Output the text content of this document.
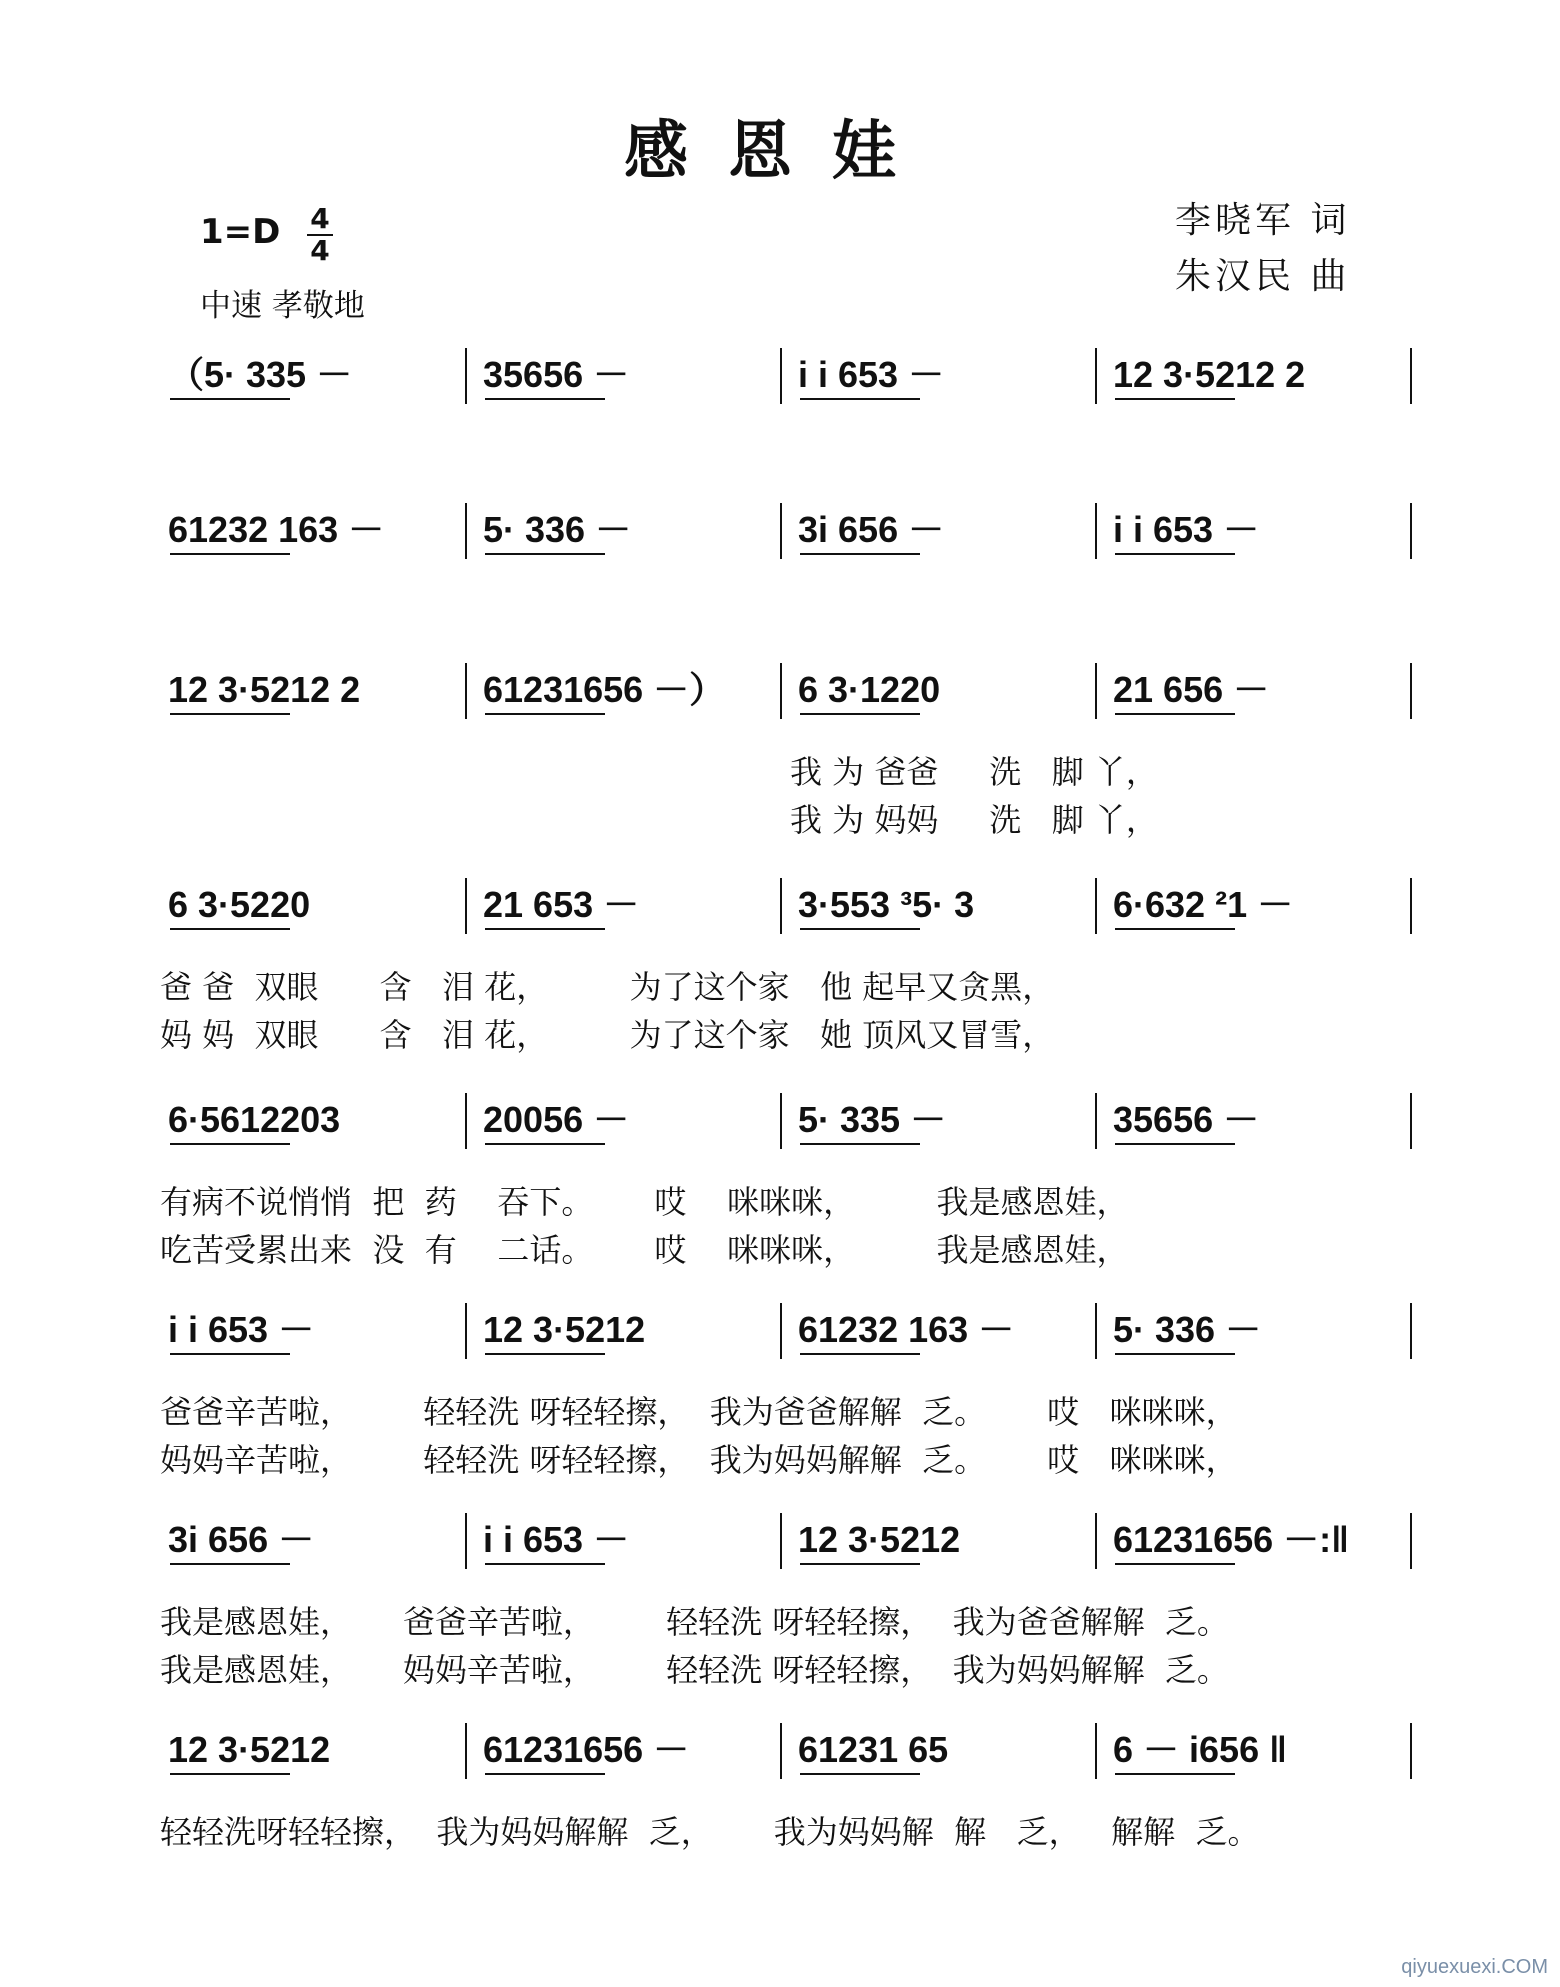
感恩娃
1=D 4
4
中速 孝敬地
李晓军 词
朱汉民 曲
（5· 335 －	35656 －	i i 653 －	12 3·5212 2
61232 163 －	5· 336 －	3i 656 －	i i 653 －
12 3·5212 2	61231656 －） 6 3·1220	21 656 －
我 为 爸爸     洗   脚 丫，
我 为 妈妈     洗   脚 丫，
6 3·5220	21 653 －	3·553 ³5· 3	6·632 ²1 －
爸 爸  双眼      含   泪 花，        为了这个家   他 起早又贪黑，
妈 妈  双眼      含   泪 花，        为了这个家   她 顶风又冒雪，
6·5612203	20056 －	5· 335 －	35656 －
有病不说悄悄  把  药    吞下。      哎    咪咪咪，        我是感恩娃，
吃苦受累出来  没  有    二话。      哎    咪咪咪，        我是感恩娃，
i i 653 －	12 3·5212	61232 163 －	5· 336 －
爸爸辛苦啦，       轻轻洗 呀轻轻擦，  我为爸爸解解  乏。      哎   咪咪咪，
妈妈辛苦啦，       轻轻洗 呀轻轻擦，  我为妈妈解解  乏。      哎   咪咪咪，
3i 656 －	i i 653 －	12 3·5212	61231656 －:‖
我是感恩娃，     爸爸辛苦啦，       轻轻洗 呀轻轻擦，  我为爸爸解解  乏。
我是感恩娃，     妈妈辛苦啦，       轻轻洗 呀轻轻擦，  我为妈妈解解  乏。
12 3·5212	61231656 －	61231 65	6 － i656 ‖
轻轻洗呀轻轻擦，  我为妈妈解解  乏，      我为妈妈解  解   乏，   解解  乏。
qiyuexuexi.COM
